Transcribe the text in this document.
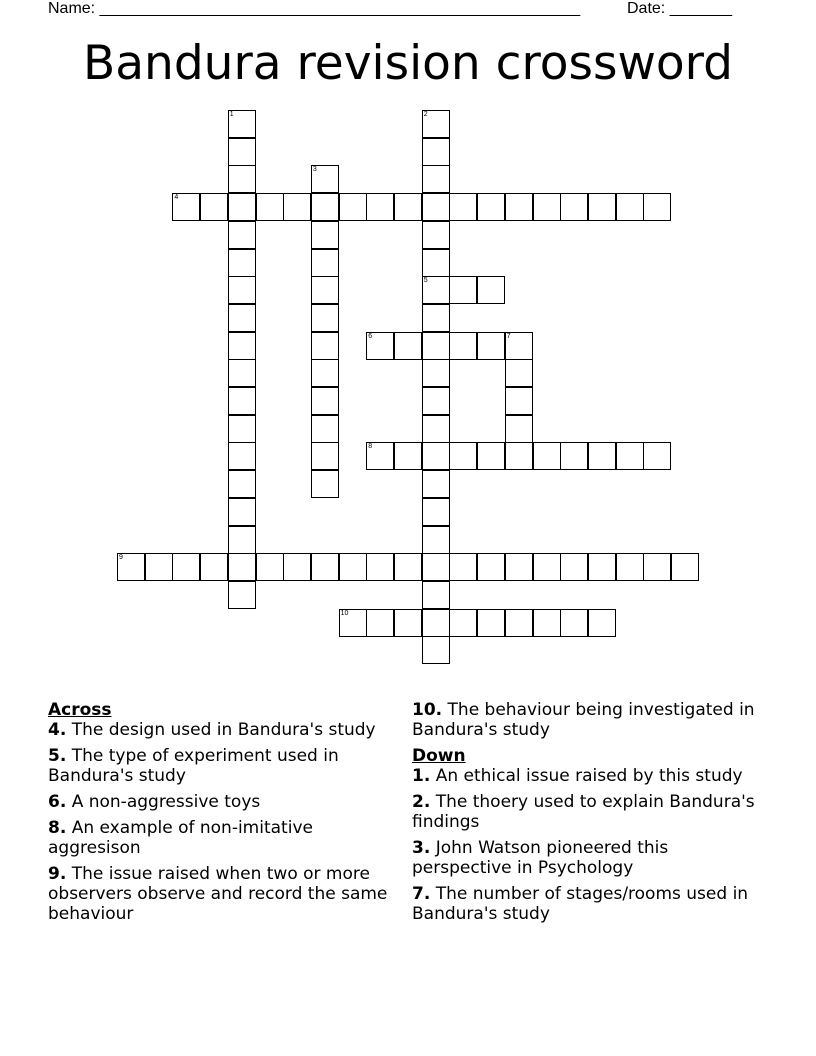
Name: ______________________________________________________	Date: _______
Bandura revision crossword
1	2
5
3
4
6	7
8
9
10
Across
4. The design used in Bandura's study
5. The type of experiment used in Bandura's study
6. A non-aggressive toys
8. An example of non-imitative aggresison
9. The issue raised when two or more observers observe and record the same behaviour
10. The behaviour being investigated in Bandura's study
Down
1. An ethical issue raised by this study
2. The thoery used to explain Bandura's findings
3. John Watson pioneered this perspective in Psychology
7. The number of stages/rooms used in Bandura's study
